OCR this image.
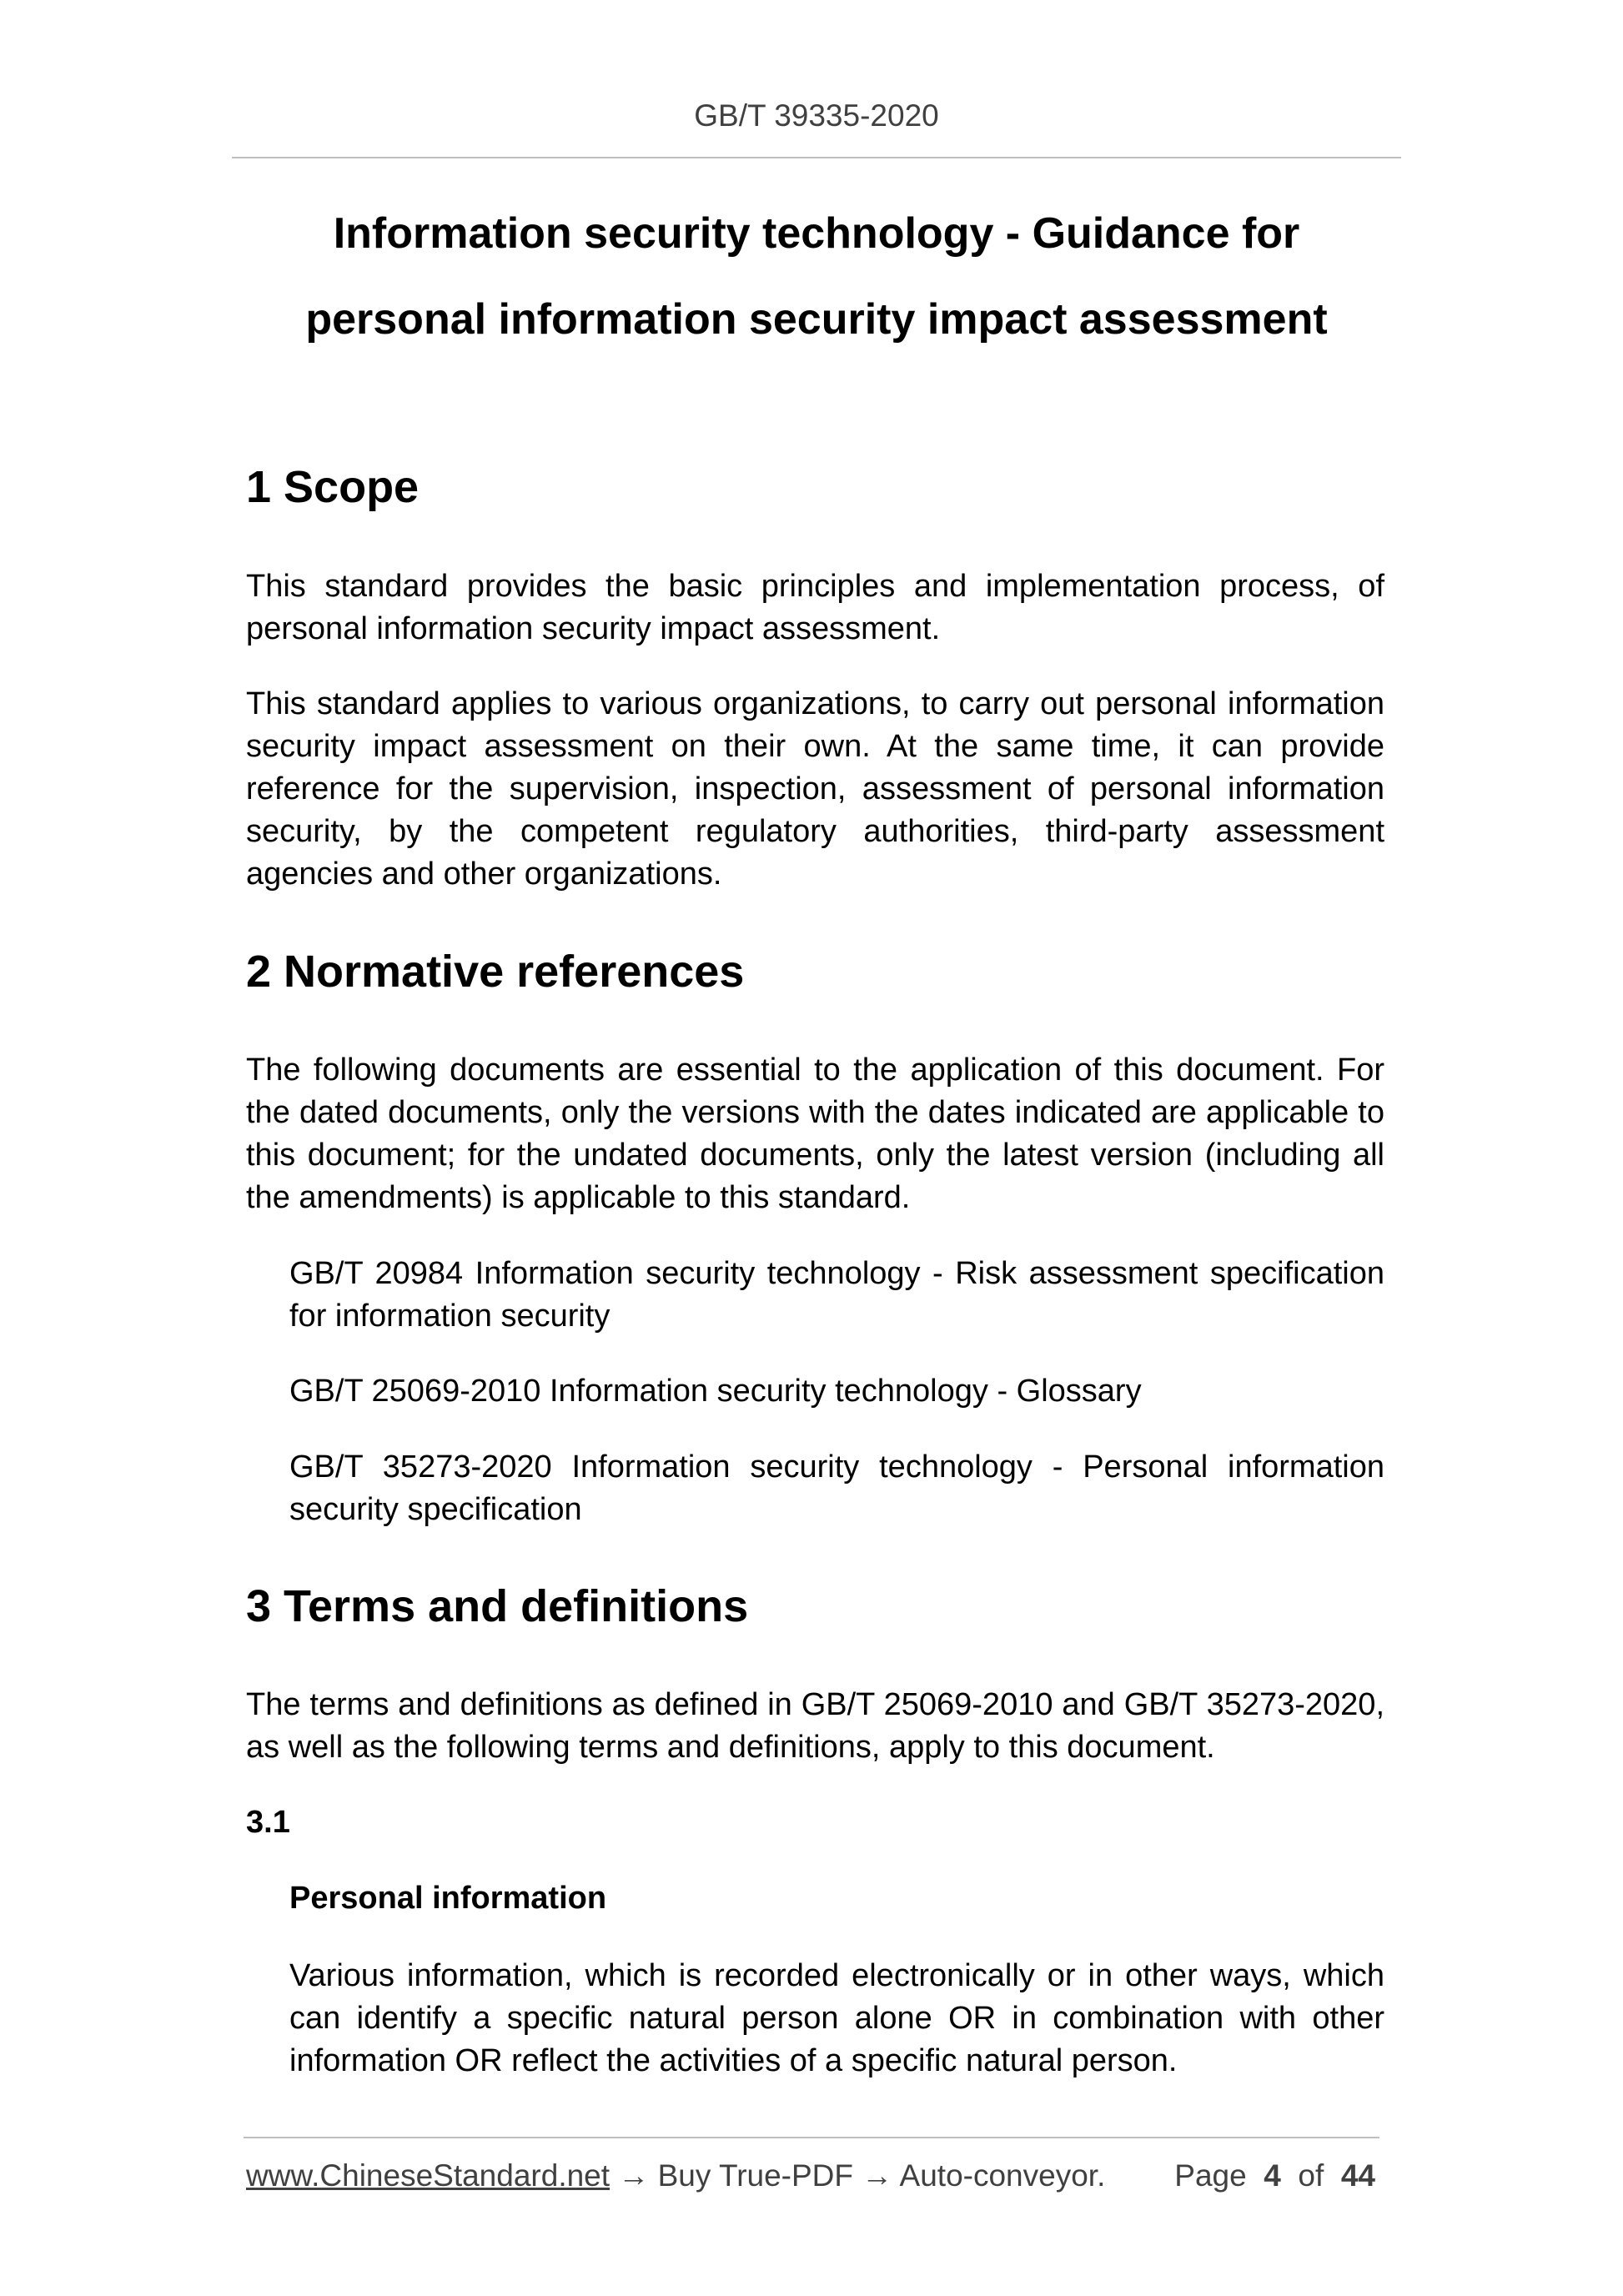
GB/T 39335-2020
Information security technology - Guidance for
personal information security impact assessment
1 Scope
This standard provides the basic principles and implementation process, of personal information security impact assessment.
This standard applies to various organizations, to carry out personal information security impact assessment on their own. At the same time, it can provide reference for the supervision, inspection, assessment of personal information security, by the competent regulatory authorities, third-party assessment agencies and other organizations.
2 Normative references
The following documents are essential to the application of this document. For the dated documents, only the versions with the dates indicated are applicable to this document; for the undated documents, only the latest version (including all the amendments) is applicable to this standard.
GB/T 20984 Information security technology - Risk assessment specification for information security
GB/T 25069-2010 Information security technology - Glossary
GB/T 35273-2020 Information security technology - Personal information security specification
3 Terms and definitions
The terms and definitions as defined in GB/T 25069-2010 and GB/T 35273-2020, as well as the following terms and definitions, apply to this document.
3.1
Personal information
Various information, which is recorded electronically or in other ways, which can identify a specific natural person alone OR in combination with other information OR reflect the activities of a specific natural person.
www.ChineseStandard.net → Buy True-PDF → Auto-conveyor. Page 4 of 44
